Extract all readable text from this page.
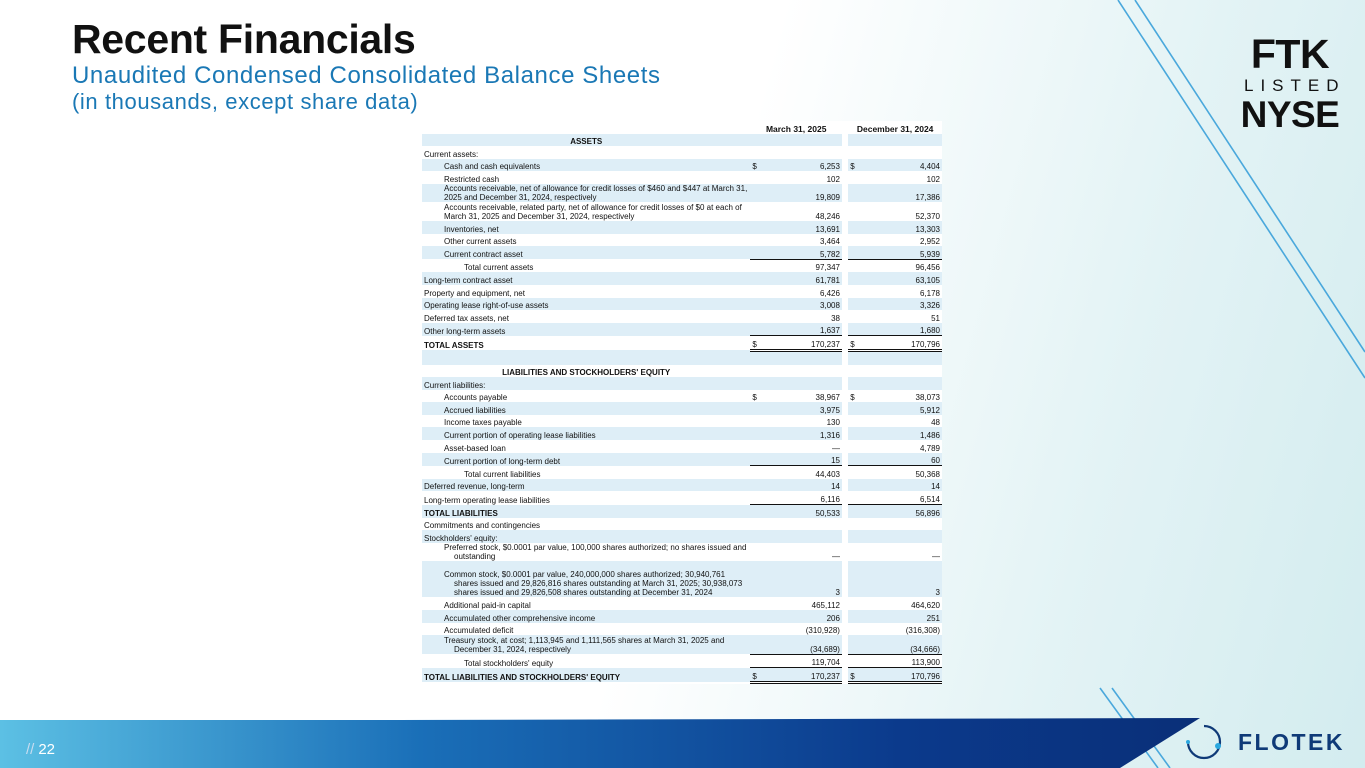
Recent Financials
Unaudited Condensed Consolidated Balance Sheets
(in thousands, except share data)
FTK
LISTED
NYSE
	March 31, 2025			December 31, 2024	
ASSETS					
Current assets:					
Cash and cash equivalents	$	6,253		$	4,404
Restricted cash		102			102
Accounts receivable, net of allowance for credit losses of $460 and $447 at March 31, 2025 and December 31, 2024, respectively		19,809			17,386
Accounts receivable, related party, net of allowance for credit losses of $0 at each of March 31, 2025 and December 31, 2024, respectively		48,246			52,370
Inventories, net		13,691			13,303
Other current assets		3,464			2,952
Current contract asset		5,782			5,939
Total current assets		97,347			96,456
Long-term contract asset		61,781			63,105
Property and equipment, net		6,426			6,178
Operating lease right-of-use assets		3,008			3,326
Deferred tax assets, net		38			51
Other long-term assets		1,637			1,680
TOTAL ASSETS	$	170,237		$	170,796

LIABILITIES AND STOCKHOLDERS' EQUITY					
Current liabilities:					
Accounts payable	$	38,967		$	38,073
Accrued liabilities		3,975			5,912
Income taxes payable		130			48
Current portion of operating lease liabilities		1,316			1,486
Asset-based loan		—			4,789
Current portion of long-term debt		15			60
Total current liabilities		44,403			50,368
Deferred revenue, long-term		14			14
Long-term operating lease liabilities		6,116			6,514
TOTAL LIABILITIES		50,533			56,896
Commitments and contingencies					
Stockholders' equity:					
Preferred stock, $0.0001 par value, 100,000 shares authorized; no shares issued and outstanding		—			—
Common stock, $0.0001 par value, 240,000,000 shares authorized; 30,940,761 shares issued and 29,826,816 shares outstanding at March 31, 2025; 30,938,073 shares issued and 29,826,508 shares outstanding at December 31, 2024		3			3
Additional paid-in capital		465,112			464,620
Accumulated other comprehensive income		206			251
Accumulated deficit		(310,928)			(316,308)
Treasury stock, at cost; 1,113,945 and 1,111,565 shares at March 31, 2025 and December 31, 2024, respectively		(34,689)			(34,666)
Total stockholders' equity		119,704			113,900
TOTAL LIABILITIES AND STOCKHOLDERS' EQUITY	$	170,237		$	170,796
// 22	FLOTEK
